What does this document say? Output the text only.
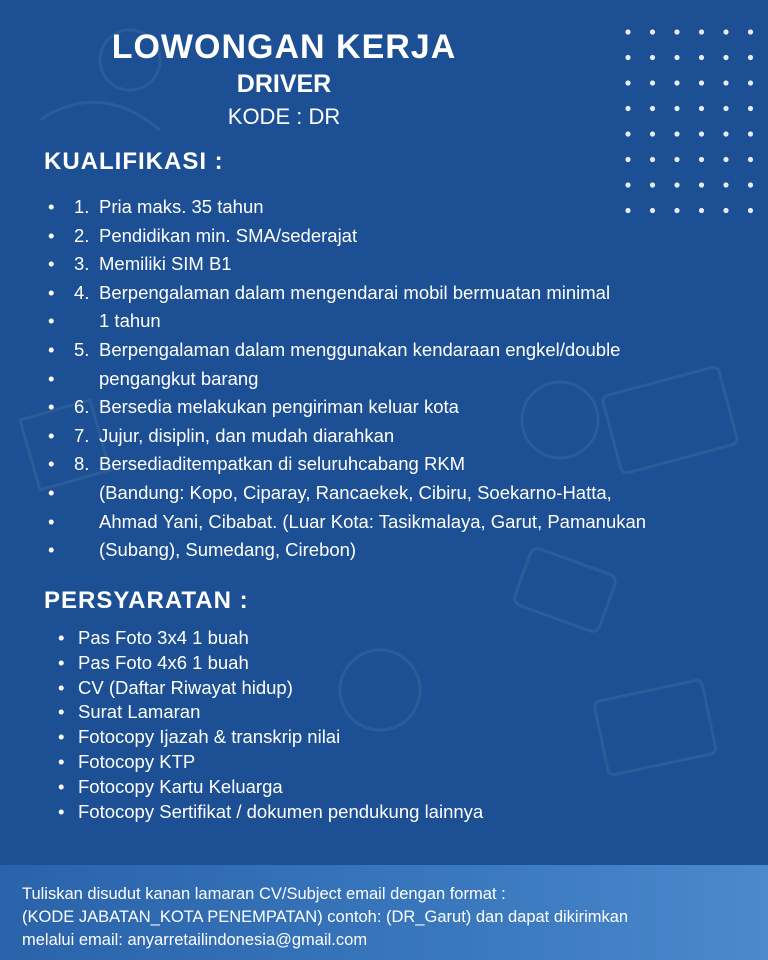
LOWONGAN KERJA
DRIVER
KODE : DR
KUALIFIKASI :
• 1. Pria maks. 35 tahun
• 2. Pendidikan min. SMA/sederajat
• 3. Memiliki SIM B1
• 4. Berpengalaman dalam mengendarai mobil bermuatan minimal
• 1 tahun
• 5. Berpengalaman dalam menggunakan kendaraan engkel/double
• pengangkut barang
• 6. Bersedia melakukan pengiriman keluar kota
• 7. Jujur, disiplin, dan mudah diarahkan
• 8. Bersediaditempatkan di seluruhcabang RKM
• (Bandung: Kopo, Ciparay, Rancaekek, Cibiru, Soekarno-Hatta,
• Ahmad Yani, Cibabat. (Luar Kota: Tasikmalaya, Garut, Pamanukan
• (Subang), Sumedang, Cirebon)
PERSYARATAN :
• Pas Foto 3x4 1 buah
• Pas Foto 4x6 1 buah
• CV (Daftar Riwayat hidup)
• Surat Lamaran
• Fotocopy Ijazah & transkrip nilai
• Fotocopy KTP
• Fotocopy Kartu Keluarga
• Fotocopy Sertifikat / dokumen pendukung lainnya
Tuliskan disudut kanan lamaran CV/Subject email dengan format :
(KODE JABATAN_KOTA PENEMPATAN) contoh: (DR_Garut) dan dapat dikirimkan
melalui email: anyarretailindonesia@gmail.com
